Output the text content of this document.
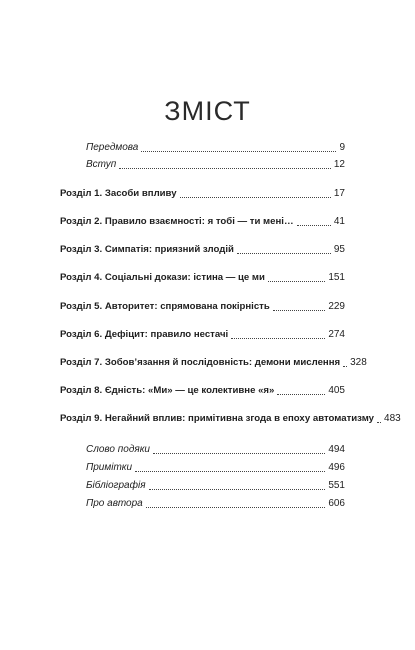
ЗМІСТ
Передмова	9
Вступ	12
Розділ 1. Засоби впливу	17
Розділ 2. Правило взаємності: я тобі — ти мені…	41
Розділ 3. Симпатія: приязний злодій	95
Розділ 4. Соціальні докази: істина — це ми	151
Розділ 5. Авторитет: спрямована покірність	229
Розділ 6. Дефіцит: правило нестачі	274
Розділ 7. Зобов’язання й послідовність: демони мислення 328
Розділ 8. Єдність: «Ми» — це колективне «я»	405
Розділ 9. Негайний вплив: примітивна згода в епоху автоматизму 483
Слово подяки	494
Примітки	496
Бібліографія	551
Про автора	606
